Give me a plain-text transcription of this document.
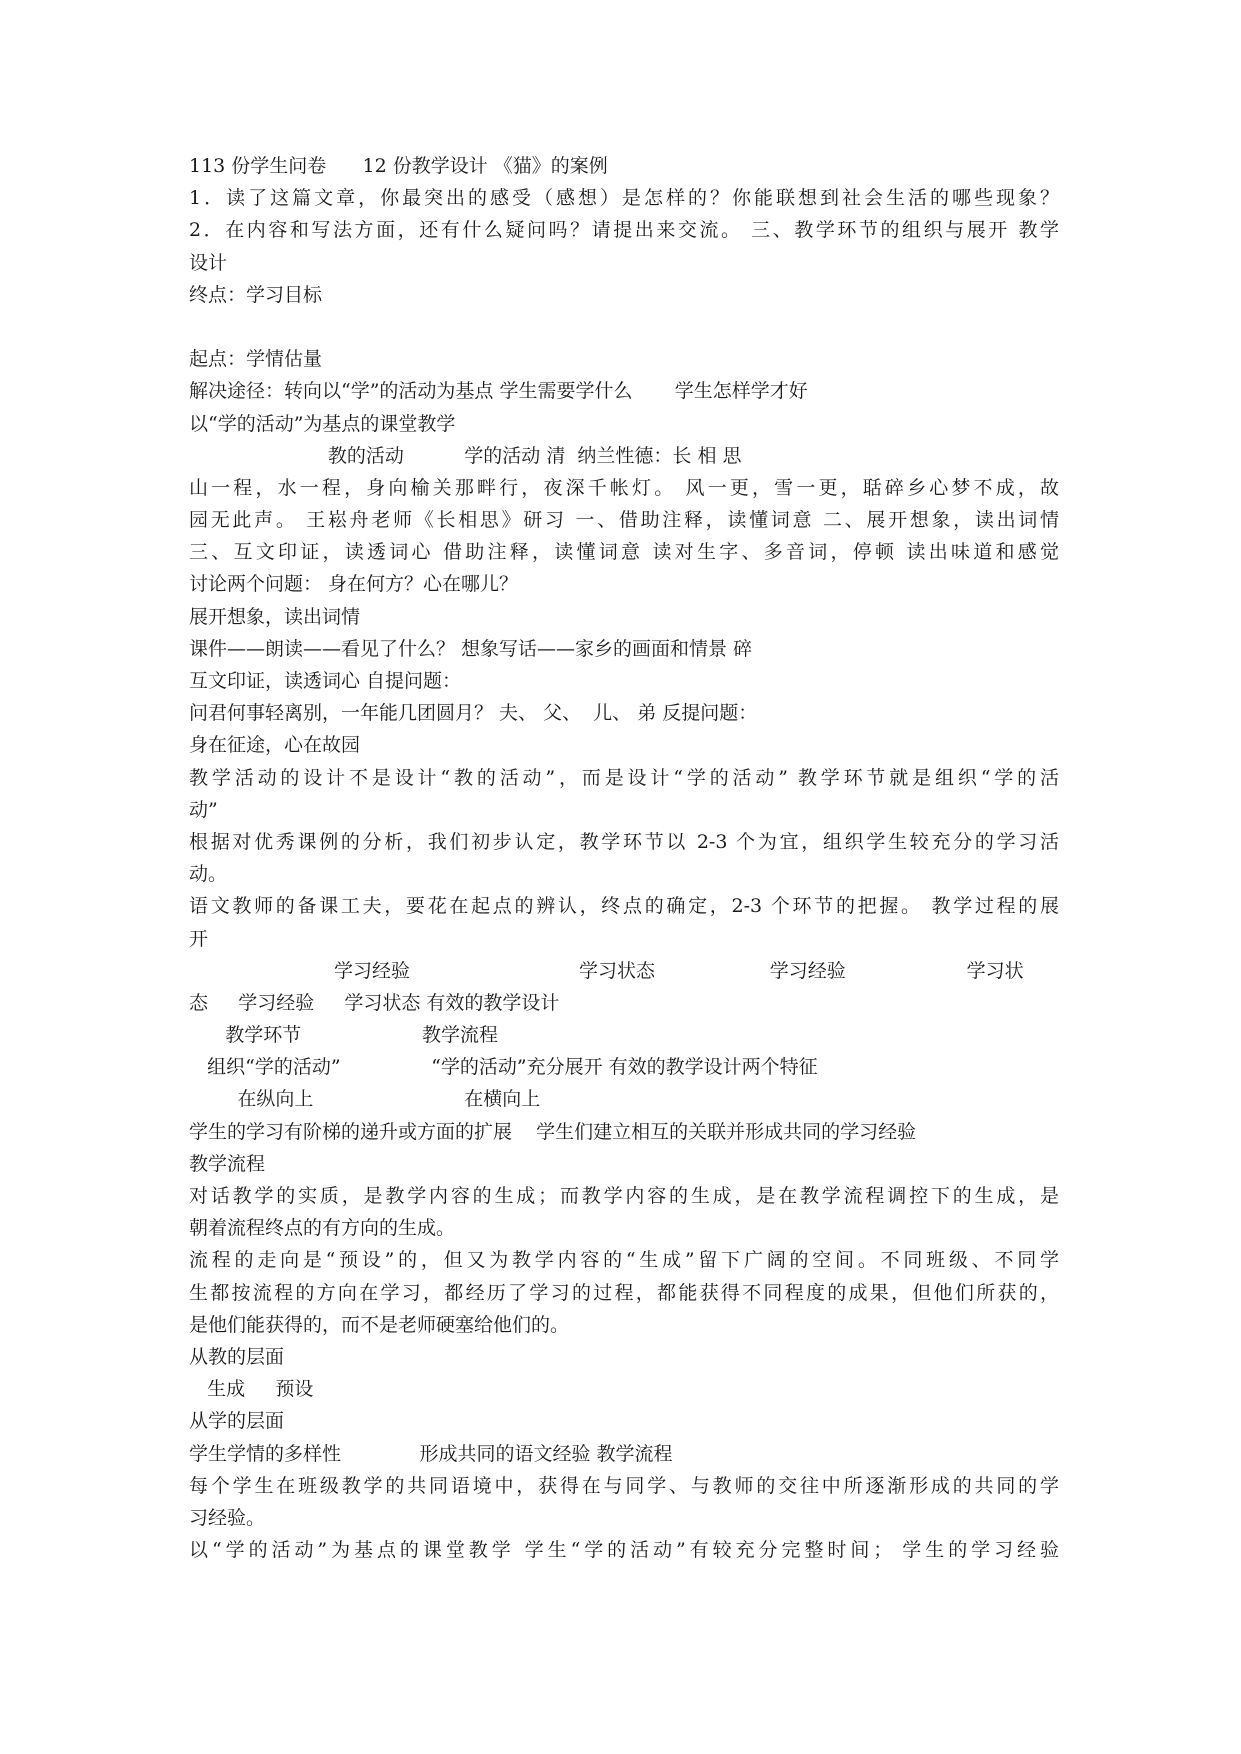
113 份学生问卷      12 份教学设计 《猫》的案例
1．读了这篇文章，你最突出的感受（感想）是怎样的？你能联想到社会生活的哪些现象？
2．在内容和写法方面，还有什么疑问吗？请提出来交流。 三、教学环节的组织与展开 教学
设计
终点：学习目标
起点：学情估量
解决途径：转向以“学”的活动为基点 学生需要学什么       学生怎样学才好
以“学的活动”为基点的课堂教学
教的活动          学的活动 清  纳兰性德：长 相 思
山一程，水一程，身向榆关那畔行，夜深千帐灯。 风一更，雪一更，聒碎乡心梦不成，故
园无此声。 王崧舟老师《长相思》研习 一、借助注释，读懂词意 二、展开想象，读出词情
三、互文印证，读透词心 借助注释，读懂词意 读对生字、多音词，停顿 读出味道和感觉
讨论两个问题： 身在何方？心在哪儿？
展开想象，读出词情
课件——朗读——看见了什么？ 想象写话——家乡的画面和情景 碎
互文印证，读透词心 自提问题：
问君何事轻离别，一年能几团圆月？ 夫、 父、  儿、 弟 反提问题：
身在征途，心在故园
教学活动的设计不是设计“教的活动”，而是设计“学的活动” 教学环节就是组织“学的活
动”
根据对优秀课例的分析，我们初步认定，教学环节以 2-3 个为宜，组织学生较充分的学习活
动。
语文教师的备课工夫，要花在起点的辨认，终点的确定，2-3 个环节的把握。 教学过程的展
开
学习经验                            学习状态                   学习经验                    学习状
态     学习经验     学习状态 有效的教学设计
教学环节                    教学流程
组织“学的活动”               “学的活动”充分展开 有效的教学设计两个特征
在纵向上                         在横向上
学生的学习有阶梯的递升或方面的扩展    学生们建立相互的关联并形成共同的学习经验
教学流程
对话教学的实质，是教学内容的生成；而教学内容的生成，是在教学流程调控下的生成，是
朝着流程终点的有方向的生成。
流程的走向是“预设”的，但又为教学内容的“生成”留下广阔的空间。不同班级、不同学
生都按流程的方向在学习，都经历了学习的过程，都能获得不同程度的成果，但他们所获的，
是他们能获得的，而不是老师硬塞给他们的。
从教的层面
生成     预设
从学的层面
学生学情的多样性             形成共同的语文经验 教学流程
每个学生在班级教学的共同语境中，获得在与同学、与教师的交往中所逐渐形成的共同的学
习经验。
以“学的活动”为基点的课堂教学 学生“学的活动”有较充分完整时间； 学生的学习经验
